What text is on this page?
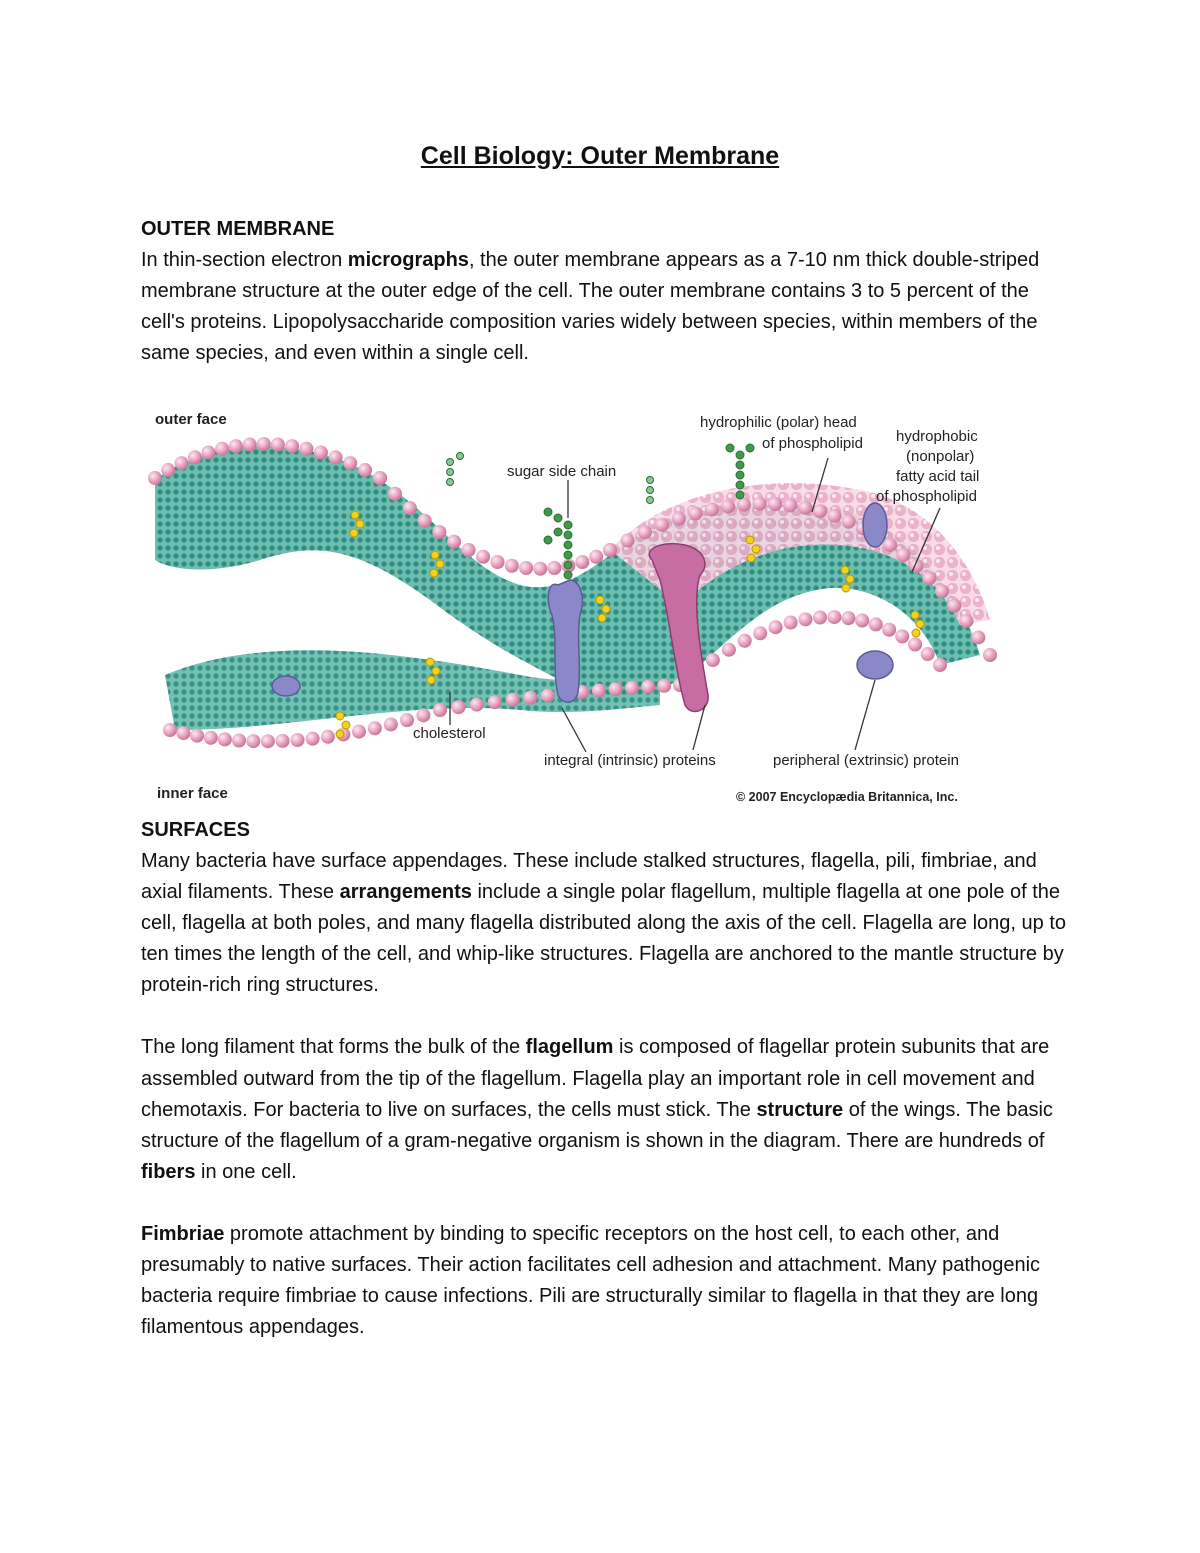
Cell Biology: Outer Membrane
OUTER MEMBRANE

In thin-section electron micrographs, the outer membrane appears as a 7-10 nm thick double-striped membrane structure at the outer edge of the cell. The outer membrane contains 3 to 5 percent of the cell's proteins. Lipopolysaccharide composition varies widely between species, within members of the same species, and even within a single cell.

outer face
inner face
sugar side chain
hydrophilic (polar) head
of phospholipid hydrophobic
(nonpolar)
fatty acid tail
of phospholipid
cholesterol
integral (intrinsic) proteins	peripheral (extrinsic) protein
© 2007 Encyclopædia Britannica, Inc.
SURFACES

Many bacteria have surface appendages. These include stalked structures, flagella, pili, fimbriae, and axial filaments. These arrangements include a single polar flagellum, multiple flagella at one pole of the cell, flagella at both poles, and many flagella distributed along the axis of the cell. Flagella are long, up to ten times the length of the cell, and whip-like structures. Flagella are anchored to the mantle structure by protein-rich ring structures.

The long filament that forms the bulk of the flagellum is composed of flagellar protein subunits that are assembled outward from the tip of the flagellum. Flagella play an important role in cell movement and chemotaxis. For bacteria to live on surfaces, the cells must stick. The structure of the wings. The basic structure of the flagellum of a gram-negative organism is shown in the diagram. There are hundreds of fibers in one cell.

Fimbriae promote attachment by binding to specific receptors on the host cell, to each other, and presumably to native surfaces. Their action facilitates cell adhesion and attachment. Many pathogenic bacteria require fimbriae to cause infections. Pili are structurally similar to flagella in that they are long filamentous appendages.
